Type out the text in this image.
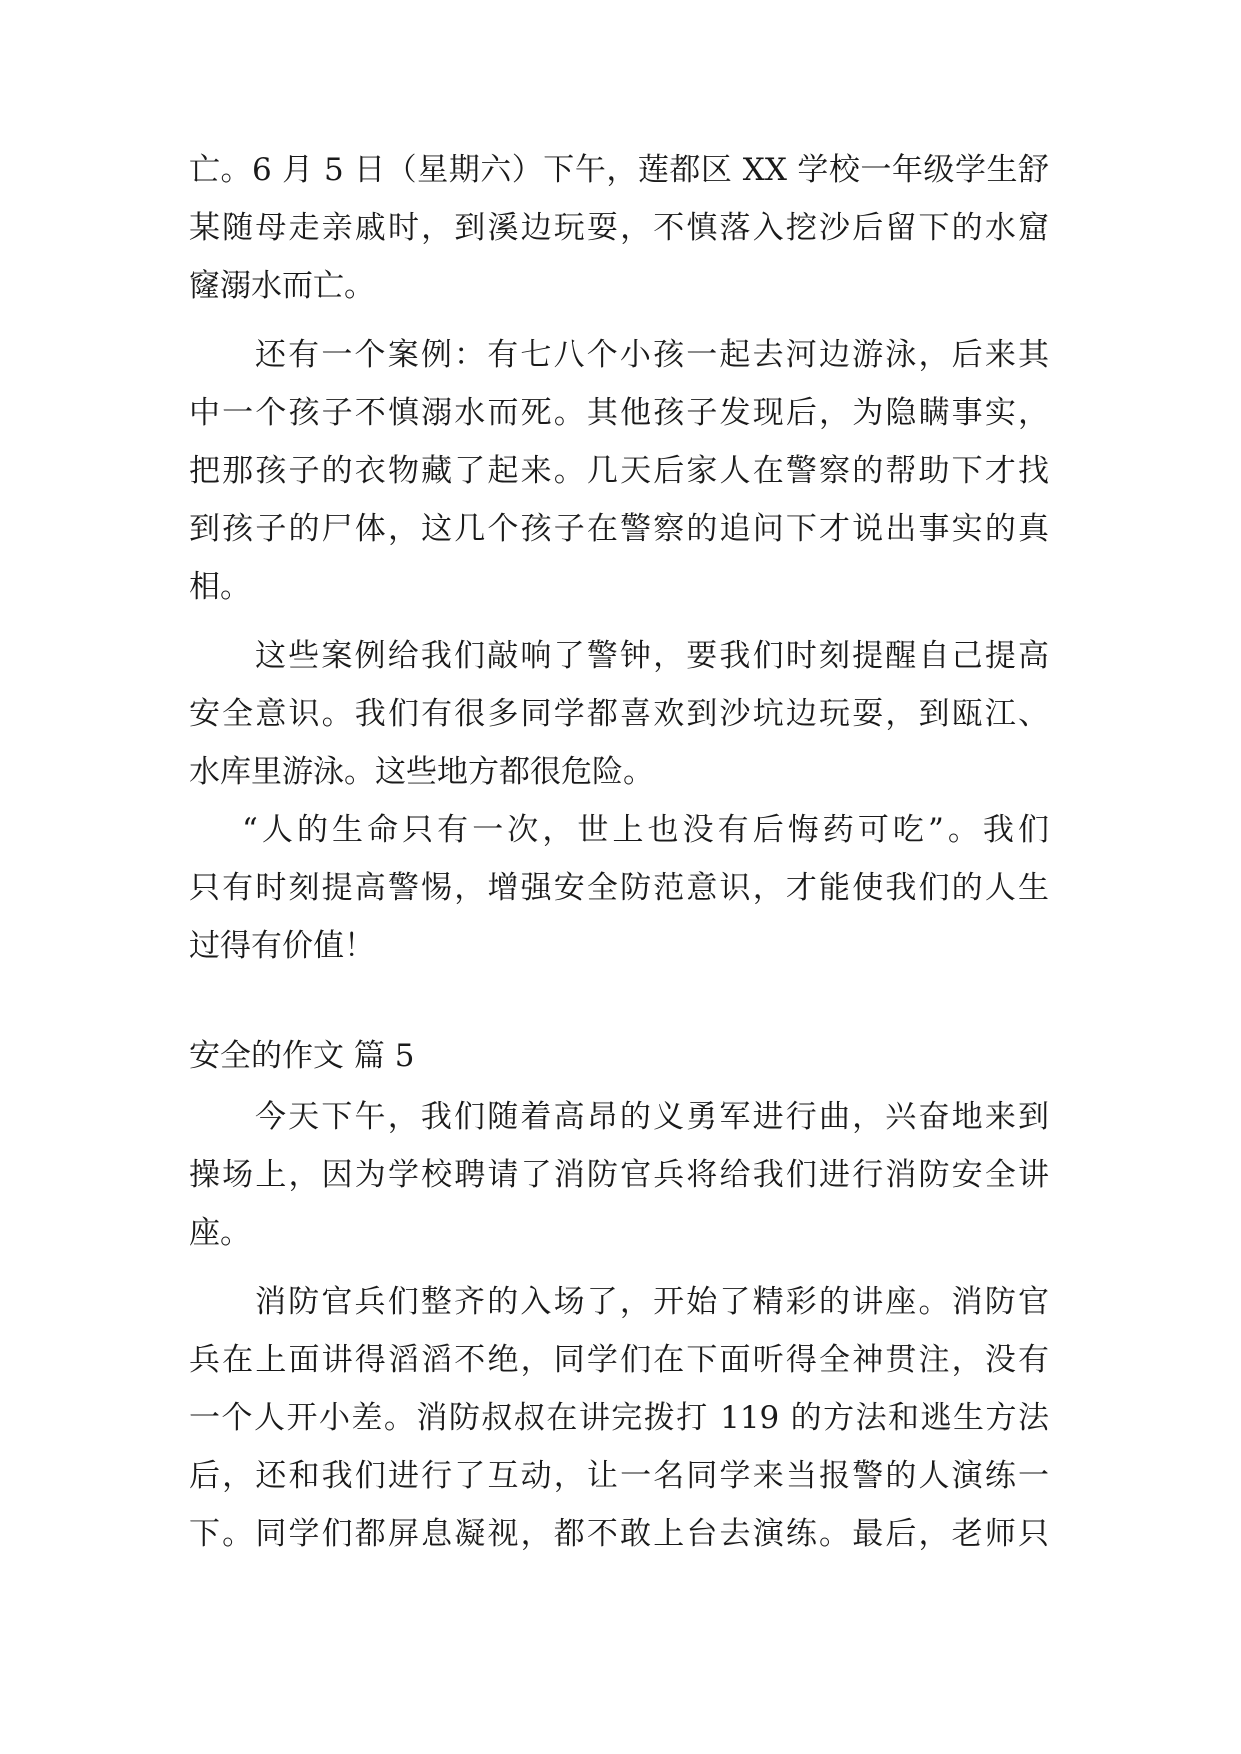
亡。6 月 5 日（星期六）下午，莲都区 XX 学校一年级学生舒
某随母走亲戚时，到溪边玩耍，不慎落入挖沙后留下的水窟
窿溺水而亡。
还有一个案例：有七八个小孩一起去河边游泳，后来其
中一个孩子不慎溺水而死。其他孩子发现后，为隐瞒事实，
把那孩子的衣物藏了起来。几天后家人在警察的帮助下才找
到孩子的尸体，这几个孩子在警察的追问下才说出事实的真
相。
这些案例给我们敲响了警钟，要我们时刻提醒自己提高
安全意识。我们有很多同学都喜欢到沙坑边玩耍，到瓯江、
水库里游泳。这些地方都很危险。
“人的生命只有一次，世上也没有后悔药可吃”。我们
只有时刻提高警惕，增强安全防范意识，才能使我们的人生
过得有价值！
安全的作文 篇 5
今天下午，我们随着高昂的义勇军进行曲，兴奋地来到
操场上，因为学校聘请了消防官兵将给我们进行消防安全讲
座。
消防官兵们整齐的入场了，开始了精彩的讲座。消防官
兵在上面讲得滔滔不绝，同学们在下面听得全神贯注，没有
一个人开小差。消防叔叔在讲完拨打 119 的方法和逃生方法
后，还和我们进行了互动，让一名同学来当报警的人演练一
下。同学们都屏息凝视，都不敢上台去演练。最后，老师只
